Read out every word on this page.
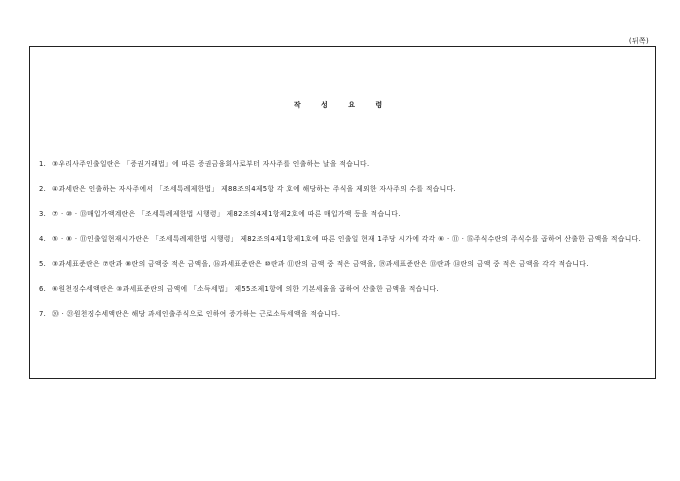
(뒤쪽)
작 성 요 령
1. ③우리사주인출일란은 「증권거래법」에 따른 증권금융회사로부터 자사주를 인출하는 날을 적습니다.
2. ④과세란은 인출하는 자사주에서 「조세특례제한법」 제88조의4제5항 각 호에 해당하는 주식을 제외한 자사주의 수를 적습니다.
3. ⑦ · ⑩ · ⑬매입가액계란은 「조세특례제한법 시행령」 제82조의4제1항제2호에 따른 매입가액 등을 적습니다.
4. ⑤ · ⑧ · ⑪인출일현재시가란은 「조세특례제한법 시행령」 제82조의4제1항제1호에 따른 인출일 현재 1주당 시가에 각각 ⑥ · ⑪ · ⑮주식수란의 주식수를 곱하여 산출한 금액을 적습니다.
5. ③과세표준란은 ⑦란과 ⑧란의 금액중 적은 금액을, ⑯과세표준란은 ⑩란과 ⑪란의 금액 중 적은 금액을, ⑲과세표준란은 ⑬란과 ⑭란의 금액 중 적은 금액을 각각 적습니다.
6. ⑥원천징수세액란은 ③과세표준란의 금액에 「소득세법」 제55조제1항에 의한 기본세율을 곱하여 산출한 금액을 적습니다.
7. ⑳ · ㉑원천징수세액란은 해당 과세인출주식으로 인하여 증가하는 근로소득세액을 적습니다.
